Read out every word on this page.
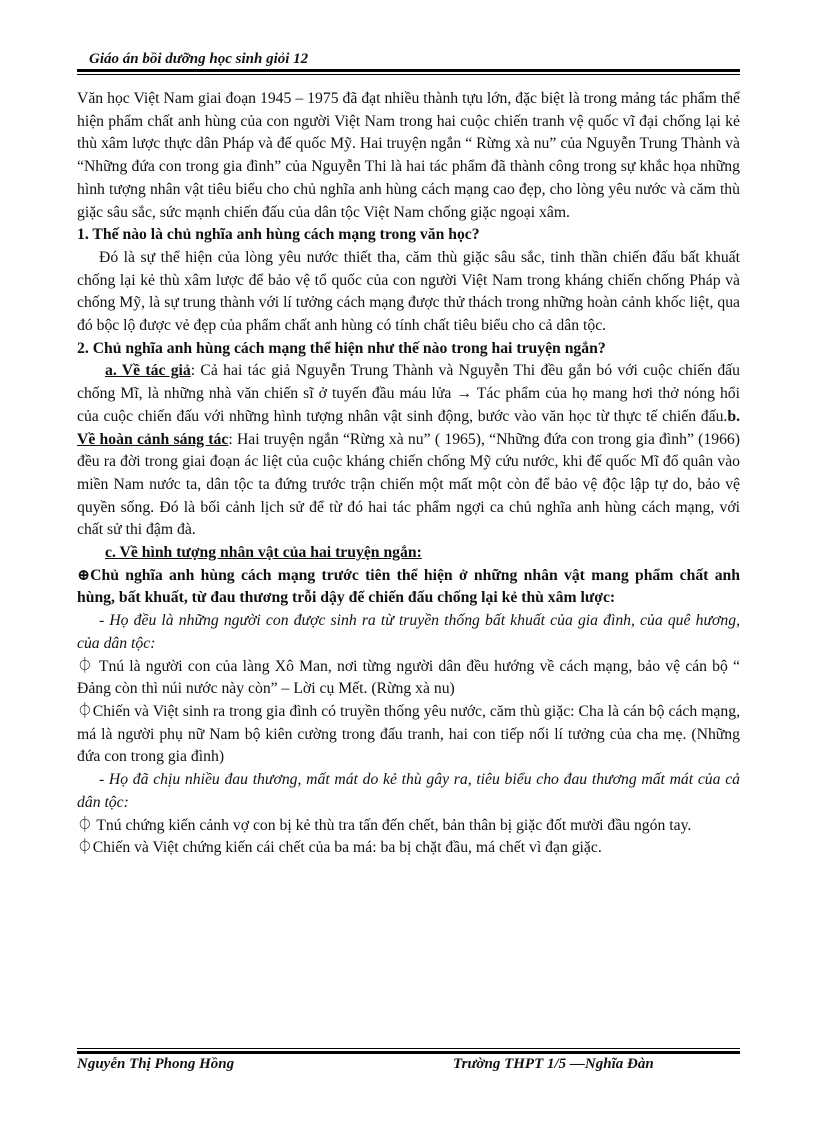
Giáo án bồi dưỡng học sinh giỏi 12

Văn học Việt Nam giai đoạn 1945 – 1975 đã đạt nhiều thành tựu lớn, đặc biệt là trong mảng tác phẩm thể hiện phẩm chất anh hùng của con người Việt Nam trong hai cuộc chiến tranh vệ quốc vĩ đại chống lại kẻ thù xâm lược thực dân Pháp và đế quốc Mỹ. Hai truyện ngắn “ Rừng xà nu” của Nguyễn Trung Thành và “Những đứa con trong gia đình” của Nguyễn Thi là hai tác phẩm đã thành công trong sự khắc họa những hình tượng nhân vật tiêu biểu cho chủ nghĩa anh hùng cách mạng cao đẹp, cho lòng yêu nước và căm thù giặc sâu sắc, sức mạnh chiến đấu của dân tộc Việt Nam chống giặc ngoại xâm.

1. Thế nào là chủ nghĩa anh hùng cách mạng trong văn học?

Đó là sự thể hiện của lòng yêu nước thiết tha, căm thù giặc sâu sắc, tinh thần chiến đấu bất khuất chống lại kẻ thù xâm lược để bảo vệ tổ quốc của con người Việt Nam trong kháng chiến chống Pháp và chống Mỹ, là sự trung thành với lí tưởng cách mạng được thử thách trong những hoàn cảnh khốc liệt, qua đó bộc lộ được vẻ đẹp của phẩm chất anh hùng có tính chất tiêu biểu cho cả dân tộc.

2. Chủ nghĩa anh hùng cách mạng thể hiện như thế nào trong hai truyện ngắn?

a. Về tác giả: Cả hai tác giả Nguyễn Trung Thành và Nguyễn Thi đều gắn bó với cuộc chiến đấu chống Mĩ, là những nhà văn chiến sĩ ở tuyến đầu máu lửa → Tác phẩm của họ mang hơi thở nóng hổi của cuộc chiến đấu với những hình tượng nhân vật sinh động, bước vào văn học từ thực tế chiến đấu.b. Về hoàn cảnh sáng tác: Hai truyện ngắn “Rừng xà nu” ( 1965), “Những đứa con trong gia đình” (1966) đều ra đời trong giai đoạn ác liệt của cuộc kháng chiến chống Mỹ cứu nước, khi đế quốc Mĩ đổ quân vào miền Nam nước ta, dân tộc ta đứng trước trận chiến một mất một còn để bảo vệ độc lập tự do, bảo vệ quyền sống. Đó là bối cảnh lịch sử để từ đó hai tác phẩm ngợi ca chủ nghĩa anh hùng cách mạng, với chất sử thi đậm đà.

c. Về hình tượng nhân vật của hai truyện ngắn:

⊕Chủ nghĩa anh hùng cách mạng trước tiên thể hiện ở những nhân vật mang phẩm chất anh hùng, bất khuất, từ đau thương trỗi dậy để chiến đấu chống lại kẻ thù xâm lược:

- Họ đều là những người con được sinh ra từ truyền thống bất khuất của gia đình, của quê hương, của dân tộc:

⏀ Tnú là người con của làng Xô Man, nơi từng người dân đều hướng về cách mạng, bảo vệ cán bộ “ Đảng còn thì núi nước này còn” – Lời cụ Mết. (Rừng xà nu)

⏀Chiến và Việt sinh ra trong gia đình có truyền thống yêu nước, căm thù giặc: Cha là cán bộ cách mạng, má là người phụ nữ Nam bộ kiên cường trong đấu tranh, hai con tiếp nối lí tưởng của cha mẹ. (Những đứa con trong gia đình)

- Họ đã chịu nhiều đau thương, mất mát do kẻ thù gây ra, tiêu biểu cho đau thương mất mát của cả dân tộc:

⏀ Tnú chứng kiến cảnh vợ con bị kẻ thù tra tấn đến chết, bản thân bị giặc đốt mười đầu ngón tay.

⏀Chiến và Việt chứng kiến cái chết của ba má: ba bị chặt đầu, má chết vì đạn giặc.

Nguyễn Thị Phong Hồng	Trường THPT 1/5 —Nghĩa Đàn
